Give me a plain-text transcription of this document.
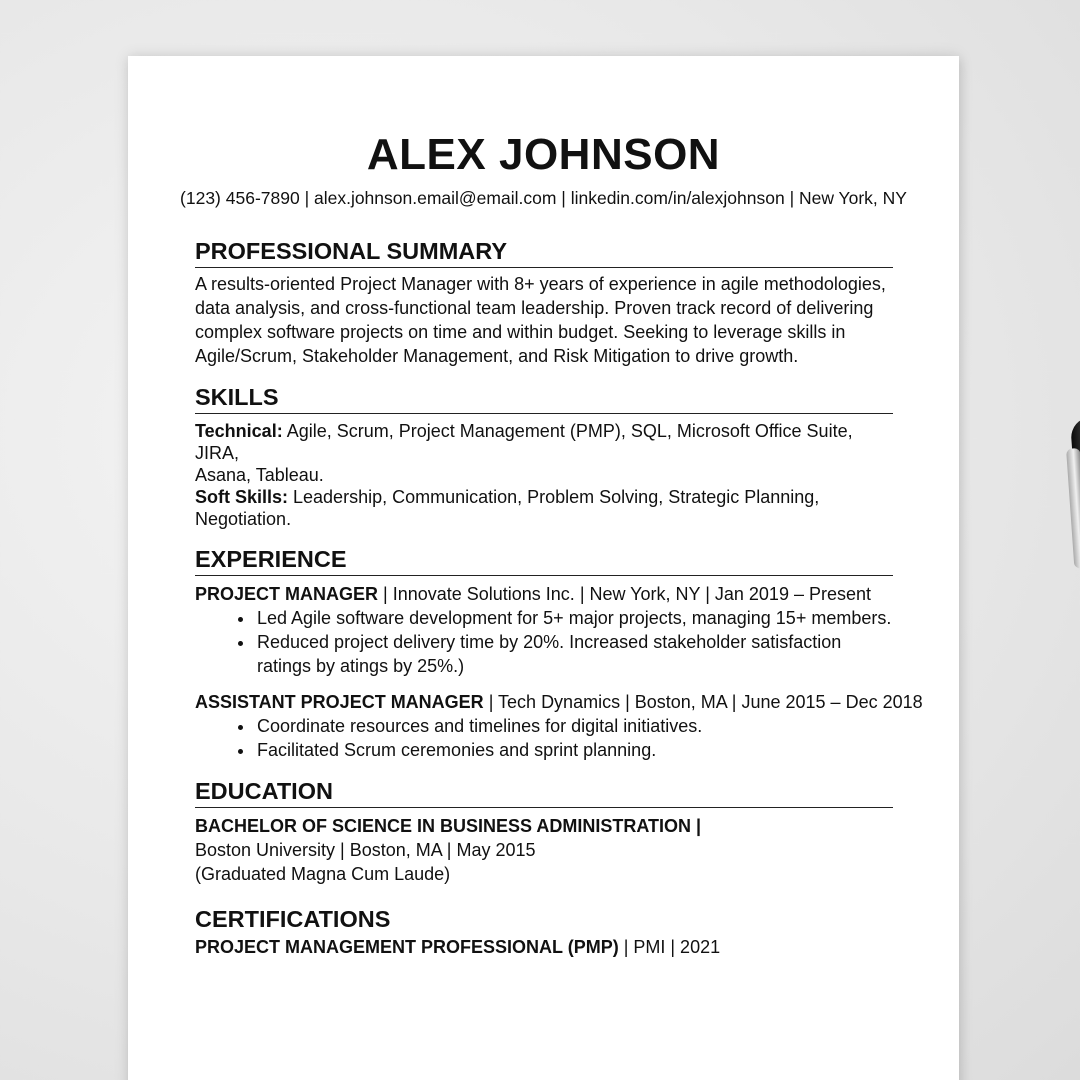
ALEX JOHNSON
(123) 456-7890 | alex.johnson.email@email.com | linkedin.com/in/alexjohnson | New York, NY
PROFESSIONAL SUMMARY
A results-oriented Project Manager with 8+ years of experience in agile methodologies,
data analysis, and cross-functional team leadership. Proven track record of delivering
complex software projects on time and within budget. Seeking to leverage skills in
Agile/Scrum, Stakeholder Management, and Risk Mitigation to drive growth.
SKILLS
Technical: Agile, Scrum, Project Management (PMP), SQL, Microsoft Office Suite, JIRA,
Asana, Tableau.
Soft Skills: Leadership, Communication, Problem Solving, Strategic Planning, Negotiation.
EXPERIENCE
PROJECT MANAGER | Innovate Solutions Inc. | New York, NY | Jan 2019 – Present
• Led Agile software development for 5+ major projects, managing 15+ members.
• Reduced project delivery time by 20%. Increased stakeholder satisfaction
ratings by atings by 25%.)
ASSISTANT PROJECT MANAGER | Tech Dynamics | Boston, MA | June 2015 – Dec 2018
• Coordinate resources and timelines for digital initiatives.
• Facilitated Scrum ceremonies and sprint planning.
EDUCATION
BACHELOR OF SCIENCE IN BUSINESS ADMINISTRATION |
Boston University | Boston, MA | May 2015
(Graduated Magna Cum Laude)
CERTIFICATIONS
PROJECT MANAGEMENT PROFESSIONAL (PMP) | PMI | 2021
